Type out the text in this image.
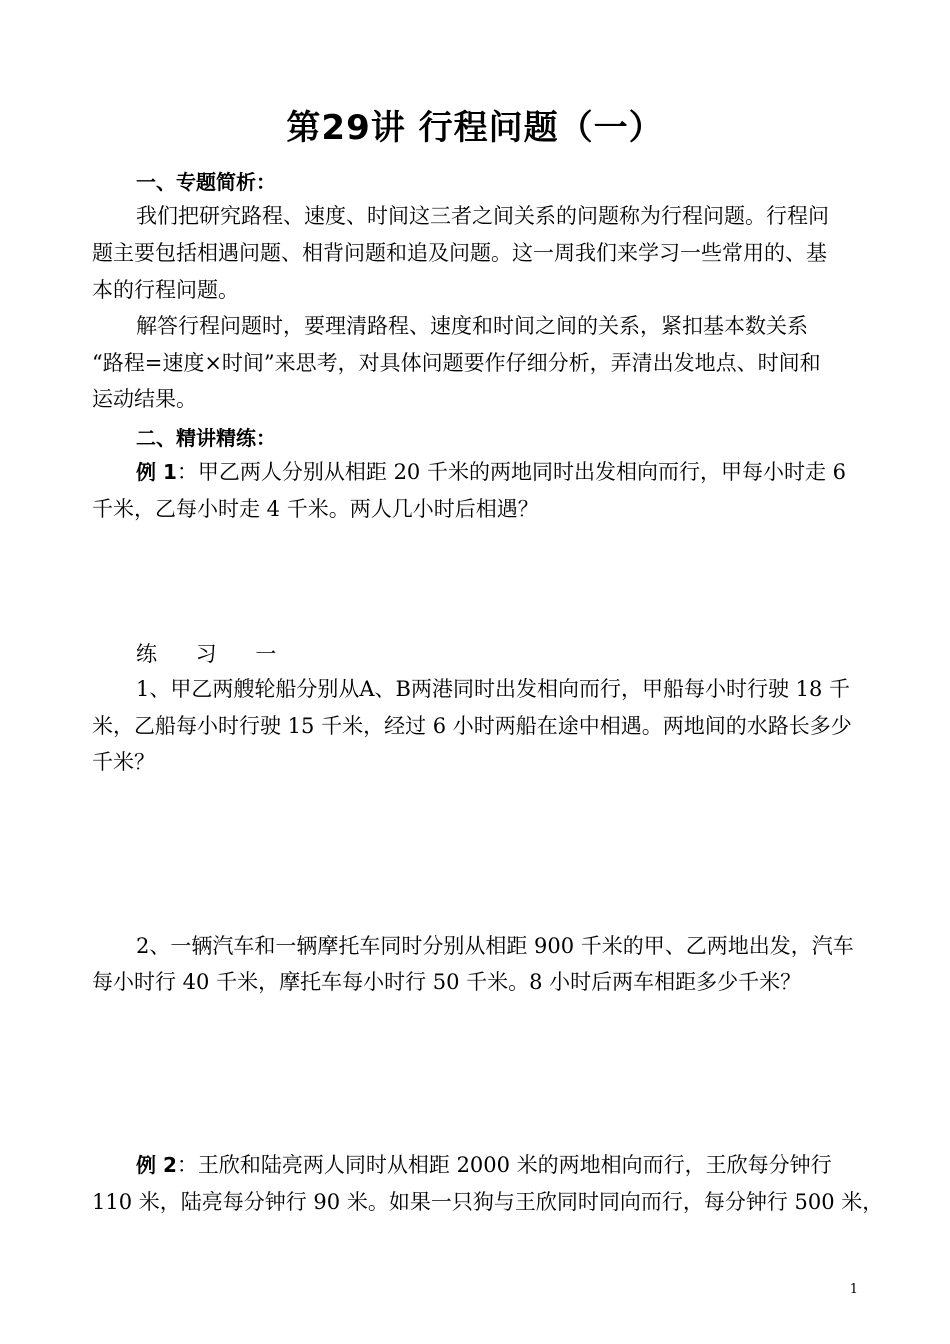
第29讲 行程问题（一）
一、专题简析：
我们把研究路程、速度、时间这三者之间关系的问题称为行程问题。行程问
题主要包括相遇问题、相背问题和追及问题。这一周我们来学习一些常用的、基
本的行程问题。
解答行程问题时，要理清路程、速度和时间之间的关系，紧扣基本数关系
“路程=速度×时间”来思考，对具体问题要作仔细分析，弄清出发地点、时间和
运动结果。
二、精讲精练：
例 1：甲乙两人分别从相距 20 千米的两地同时出发相向而行，甲每小时走 6
千米，乙每小时走 4 千米。两人几小时后相遇？
练 习 一
1、甲乙两艘轮船分别从A、B两港同时出发相向而行，甲船每小时行驶 18 千
米，乙船每小时行驶 15 千米，经过 6 小时两船在途中相遇。两地间的水路长多少
千米？
2、一辆汽车和一辆摩托车同时分别从相距 900 千米的甲、乙两地出发，汽车
每小时行 40 千米，摩托车每小时行 50 千米。8 小时后两车相距多少千米？
例 2：王欣和陆亮两人同时从相距 2000 米的两地相向而行，王欣每分钟行
110 米，陆亮每分钟行 90 米。如果一只狗与王欣同时同向而行，每分钟行 500 米，
1
